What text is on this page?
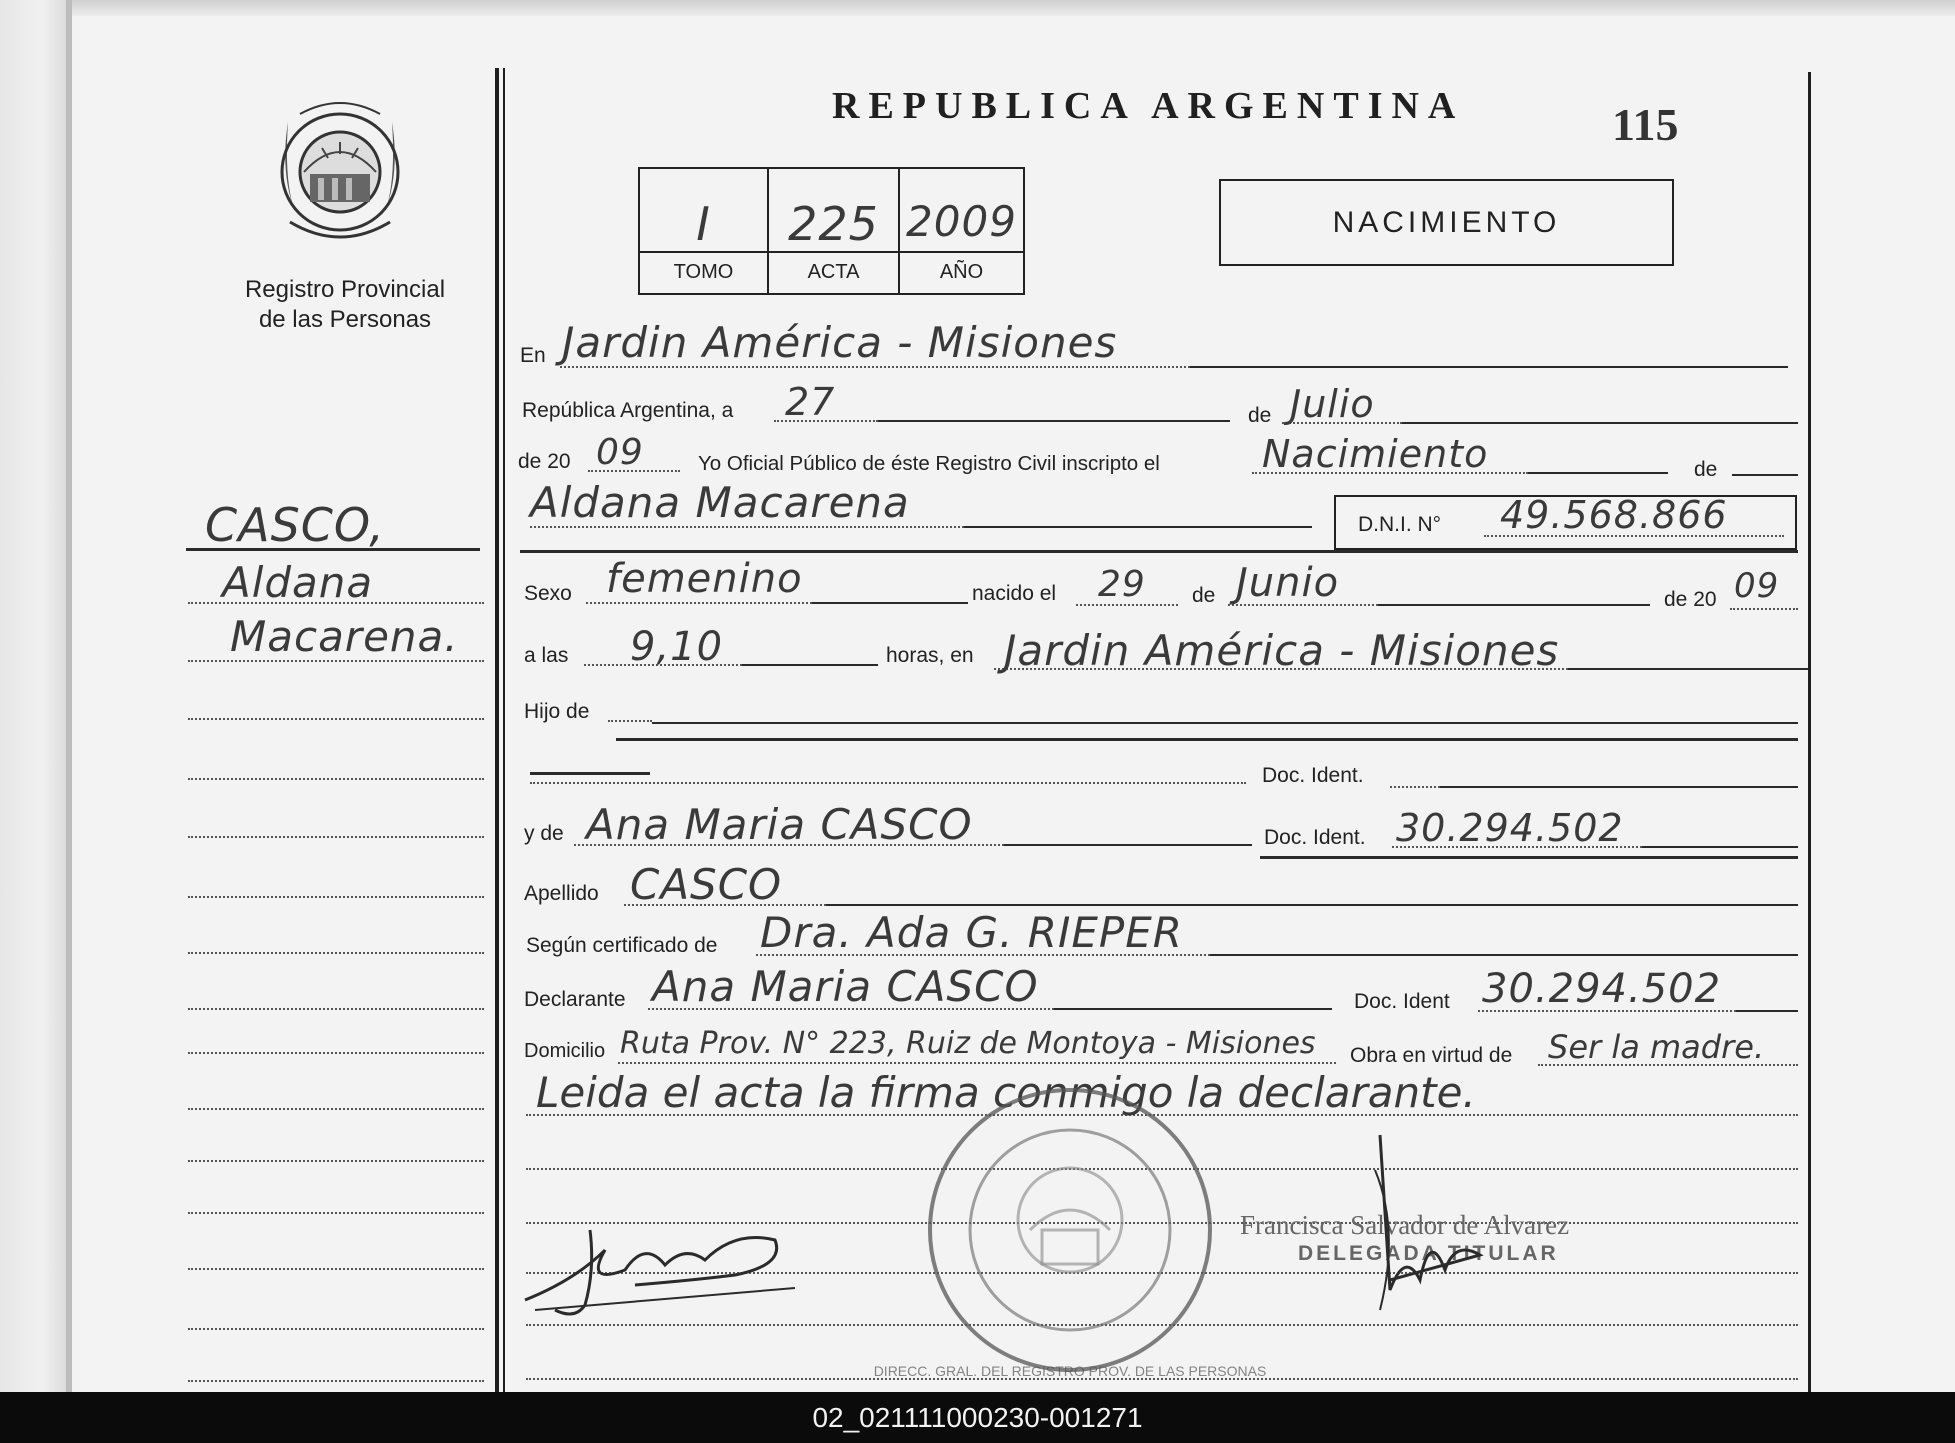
Registro Provincial
de las Personas
REPUBLICA ARGENTINA	115
NACIMIENTO
I	225 2009
TOMO	ACTA	AÑO
CASCO,
Aldana
Macarena.
En Jardin América - Misiones
República Argentina, a 27	de Julio
de 20 09	Yo Oficial Público de éste Registro Civil inscripto el	Nacimiento	de
Aldana Macarena	D.N.I. N° 49.568.866
Sexo femenino	nacido el 29 de Junio	de 20 09
a las 9,10	horas, en Jardin América - Misiones
Hijo de
Doc. Ident.
y de Ana Maria CASCO	Doc. Ident. 30.294.502
Apellido CASCO
Según certificado de Dra. Ada G. RIEPER
Declarante Ana Maria CASCO	Doc. Ident 30.294.502
Domicilio Ruta Prov. N° 223, Ruiz de Montoya - Misiones Obra en virtud de Ser la madre.
Leida el acta la firma conmigo la declarante.
DIRECC. GRAL. DEL REGISTRO PROV. DE LAS PERSONAS
Francisca Salvador de Alvarez
DELEGADA TITULAR
02_021111000230-001271
